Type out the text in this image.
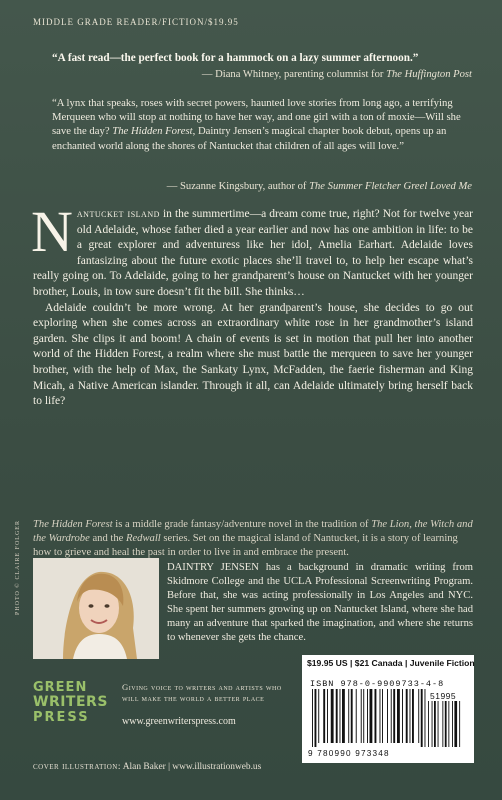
MIDDLE GRADE READER/FICTION/$19.95
“A fast read—the perfect book for a hammock on a lazy summer afternoon.”
— Diana Whitney, parenting columnist for The Huffington Post
“A lynx that speaks, roses with secret powers, haunted love stories from long ago, a terrifying Merqueen who will stop at nothing to have her way, and one girl with a ton of moxie—Will she save the day? The Hidden Forest, Daintry Jensen’s magical chapter book debut, opens up an enchanted world along the shores of Nantucket that children of all ages will love.”
— Suzanne Kingsbury, author of The Summer Fletcher Greel Loved Me

Nantucket island in the summertime—a dream come true, right? Not for twelve year old Adelaide, whose father died a year earlier and now has one ambition in life: to be a great explorer and adventuress like her idol, Amelia Earhart. Adelaide loves fantasizing about the future exotic places she’ll travel to, to help her escape what’s really going on. To Adelaide, going to her grandparent’s house on Nantucket with her younger brother, Louis, in tow sure doesn’t fit the bill. She thinks…

Adelaide couldn’t be more wrong. At her grandparent’s house, she decides to go out exploring when she comes across an extraordinary white rose in her grandmother’s island garden. She clips it and boom! A chain of events is set in motion that pull her into another world of the Hidden Forest, a realm where she must battle the merqueen to save her younger brother, with the help of Max, the Sankaty Lynx, McFadden, the faerie fisherman and King Micah, a Native American islander. Through it all, can Adelaide ultimately bring herself back to life?

The Hidden Forest is a middle grade fantasy/adventure novel in the tradition of The Lion, the Witch and the Wardrobe and the Redwall series. Set on the magical island of Nantucket, it is a story of learning how to grieve and heal the past in order to live in and embrace the present.
PHOTO © CLAIRE FOLGER	DAINTRY JENSEN has a background in dramatic writing from Skidmore College and the UCLA Professional Screenwriting Program. Before that, she was acting professionally in Los Angeles and NYC. She spent her summers growing up on Nantucket Island, where she had many an adventure that sparked the imagination, and where she returns to whenever she gets the chance.
GREEN
WRITERS
PRESS
Giving voice to writers and artists who will make the world a better place
www.greenwriterspress.com
cover illustration: Alan Baker | www.illustrationweb.us
$19.95 US | $21 Canada | Juvenile Fiction
ISBN 978-0-9909733-4-8
51995
9 780990 973348
